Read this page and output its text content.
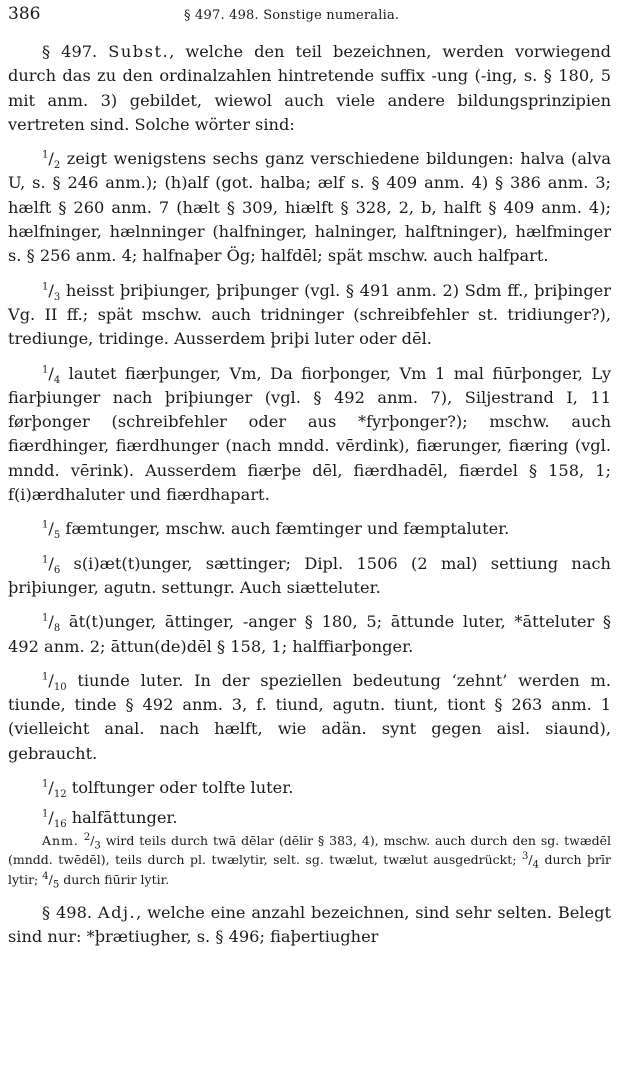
386	§ 497. 498. Sonstige numeralia.

§ 497. Subst., welche den teil bezeichnen, werden vorwiegend durch das zu den ordinalzahlen hintretende suffix -ung (-ing, s. § 180, 5 mit anm. 3) gebildet, wiewol auch viele andere bildungsprinzipien vertreten sind. Solche wörter sind:

$^1/_2$ zeigt wenigstens sechs ganz verschiedene bildungen: halva (alva U, s. § 246 anm.); (h)alf (got. halba; ælf s. § 409 anm. 4) § 386 anm. 3; hælft § 260 anm. 7 (hælt § 309, hiælft § 328, 2, b, halft § 409 anm. 4); hælfninger, hælnninger (halfninger, halninger, halftninger), hælfminger s. § 256 anm. 4; halfnaþer Ög; halfdēl; spät mschw. auch halfpart.

$^1/_3$ heisst þriþiunger, þriþunger (vgl. § 491 anm. 2) Sdm ff., þriþinger Vg. II ff.; spät mschw. auch tridninger (schreibfehler st. tridiunger?), trediunge, tridinge. Ausserdem þriþi luter oder dēl.

$^1/_4$ lautet fiærþunger, Vm, Da fiorþonger, Vm 1 mal fiūrþonger, Ly fiarþiunger nach þriþiunger (vgl. § 492 anm. 7), Siljestrand I, 11 førþonger (schreibfehler oder aus *fyrþonger?); mschw. auch fiærdhinger, fiærdhunger (nach mndd. vērdink), fiærunger, fiæring (vgl. mndd. vērink). Ausserdem fiærþe dēl, fiærdhadēl, fiærdel § 158, 1; f(i)ærdhaluter und fiærdhapart.

$^1/_5$ fæmtunger, mschw. auch fæmtinger und fæmptaluter.

$^1/_6$ s(i)æt(t)unger, sættinger; Dipl. 1506 (2 mal) settiung nach þriþiunger, agutn. settungr. Auch siætteluter.

$^1/_8$ āt(t)unger, āttinger, -anger § 180, 5; āttunde luter, *ātteluter § 492 anm. 2; āttun(de)dēl § 158, 1; halffiarþonger.

$^1/_{10}$ tiunde luter. In der speziellen bedeutung ‘zehnt’ werden m. tiunde, tinde § 492 anm. 3, f. tiund, agutn. tiunt, tiont § 263 anm. 1 (vielleicht anal. nach hælft, wie adän. synt gegen aisl. siaund), gebraucht.

$^1/_{12}$ tolftunger oder tolfte luter.

$^1/_{16}$ halfāttunger.

Anm. $^2/_3$ wird teils durch twā dēlar (dēlir § 383, 4), mschw. auch durch den sg. twædēl (mndd. twēdēl), teils durch pl. twælytir, selt. sg. twælut, twælut ausgedrückt; $^3/_4$ durch þrīr lytir; $^4/_5$ durch fiūrir lytir.

§ 498. Adj., welche eine anzahl bezeichnen, sind sehr selten. Belegt sind nur: *þrætiugher, s. § 496; fiaþertiugher
